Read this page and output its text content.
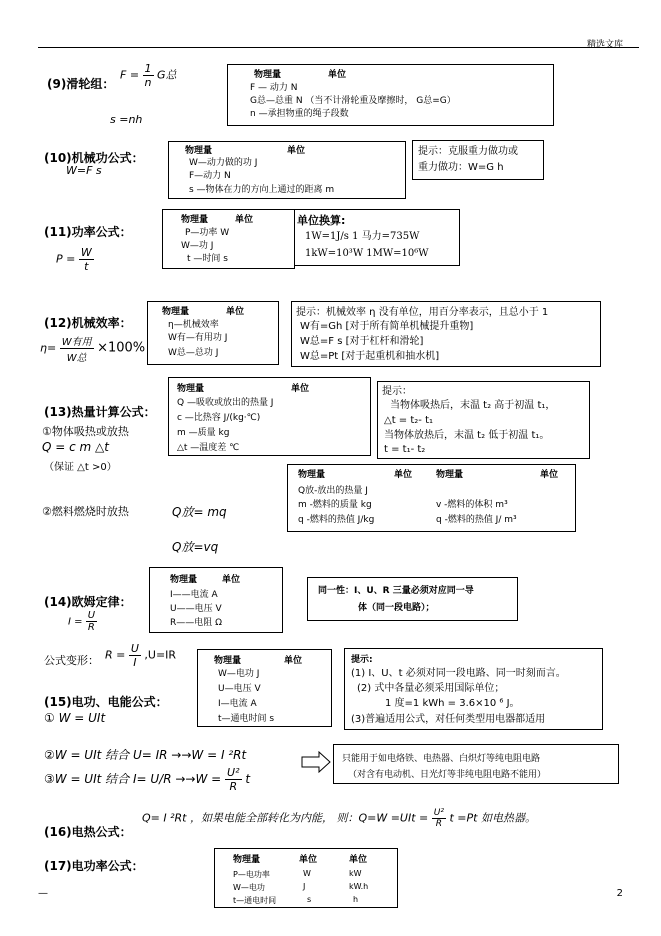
精选文库
(9)滑轮组：
$F = \frac{1}{n}$ G总
s =nh
物理量	单位
F — 动力 N
G总—总重 N （当不计滑轮重及摩擦时， G总=G）
n —承担物重的绳子段数
(10)机械功公式：
W=F s
物理量	单位
W—动力做的功 J
F—动力 N
s —物体在力的方向上通过的距离 m
提示：克服重力做功或
重力做功：W=G h
(11)功率公式：
$P = \frac{W}{t}$
物理量	单位
P—功率 W
W—功 J
t —时间 s
单位换算:
1W=1J/s 1 马力=735W
1kW=10³W 1MW=10⁶W
(12)机械效率：
$\eta= \frac{\text{W有用}}{\text{W总}} \times 100\%$
物理量	单位
η—机械效率
W有—有用功 J
W总—总功 J
提示：机械效率 η 没有单位，用百分率表示，且总小于 1
W有=Gh [对于所有简单机械提升重物]
W总=F s [对于杠杆和滑轮]
W总=Pt [对于起重机和抽水机]
(13)热量计算公式：
①物体吸热或放热
Q = c m △t
（保证 △t >0）
物理量	单位
Q —吸收或放出的热量 J
c —比热容 J/(kg·℃)
m —质量 kg
△t —温度差 ℃
提示：
当物体吸热后，末温 t₂ 高于初温 t₁，
△t = t₂- t₁
当物体放热后，末温 t₂ 低于初温 t₁。
t = t₁- t₂
②燃料燃烧时放热	Q放= mq
Q放=vq
物理量	单位	物理量	单位
Q放-放出的热量 J
m -燃料的质量 kg	v -燃料的体积 m³
q -燃料的热值 J/kg	q -燃料的热值 J/ m³
(14)欧姆定律：
$I = \frac{U}{R}$
物理量	单位
I——电流 A
U——电压 V
R——电阻 Ω
同一性：I、U、R 三量必须对应同一导
体（同一段电路）；
公式变形： $R = \frac{U}{I} ,U=IR$
(15)电功、电能公式：
① W = UIt
物理量	单位
W—电功 J
U—电压 V
I—电流 A
t—通电时间 s
提示:
(1) I、U、t 必须对同一段电路、同一时刻而言。
(2) 式中各量必须采用国际单位；
1 度=1 kWh = 3.6×10 ⁶ J。
(3)普遍适用公式，对任何类型用电器都适用
②W = UIt 结合 U= IR →→W = I ²Rt
③W = UIt 结合 $I= U/R \to\to W = \frac{\text{U²}}{R}$ t
只能用于如电烙铁、电热器、白炽灯等纯电阻电路
（对含有电动机、日光灯等非纯电阻电路不能用）
(16)电热公式：
Q= I ²Rt ，如果电能全部转化为内能， 则：$Q=W =UIt = \frac{\text{U²}}{R}$ t =Pt 如电热器。
(17)电功率公式：	物理量	单位	单位
P—电功率	W	kW
W—电功	J	kW.h
t—通电时间	s	h
—	2
